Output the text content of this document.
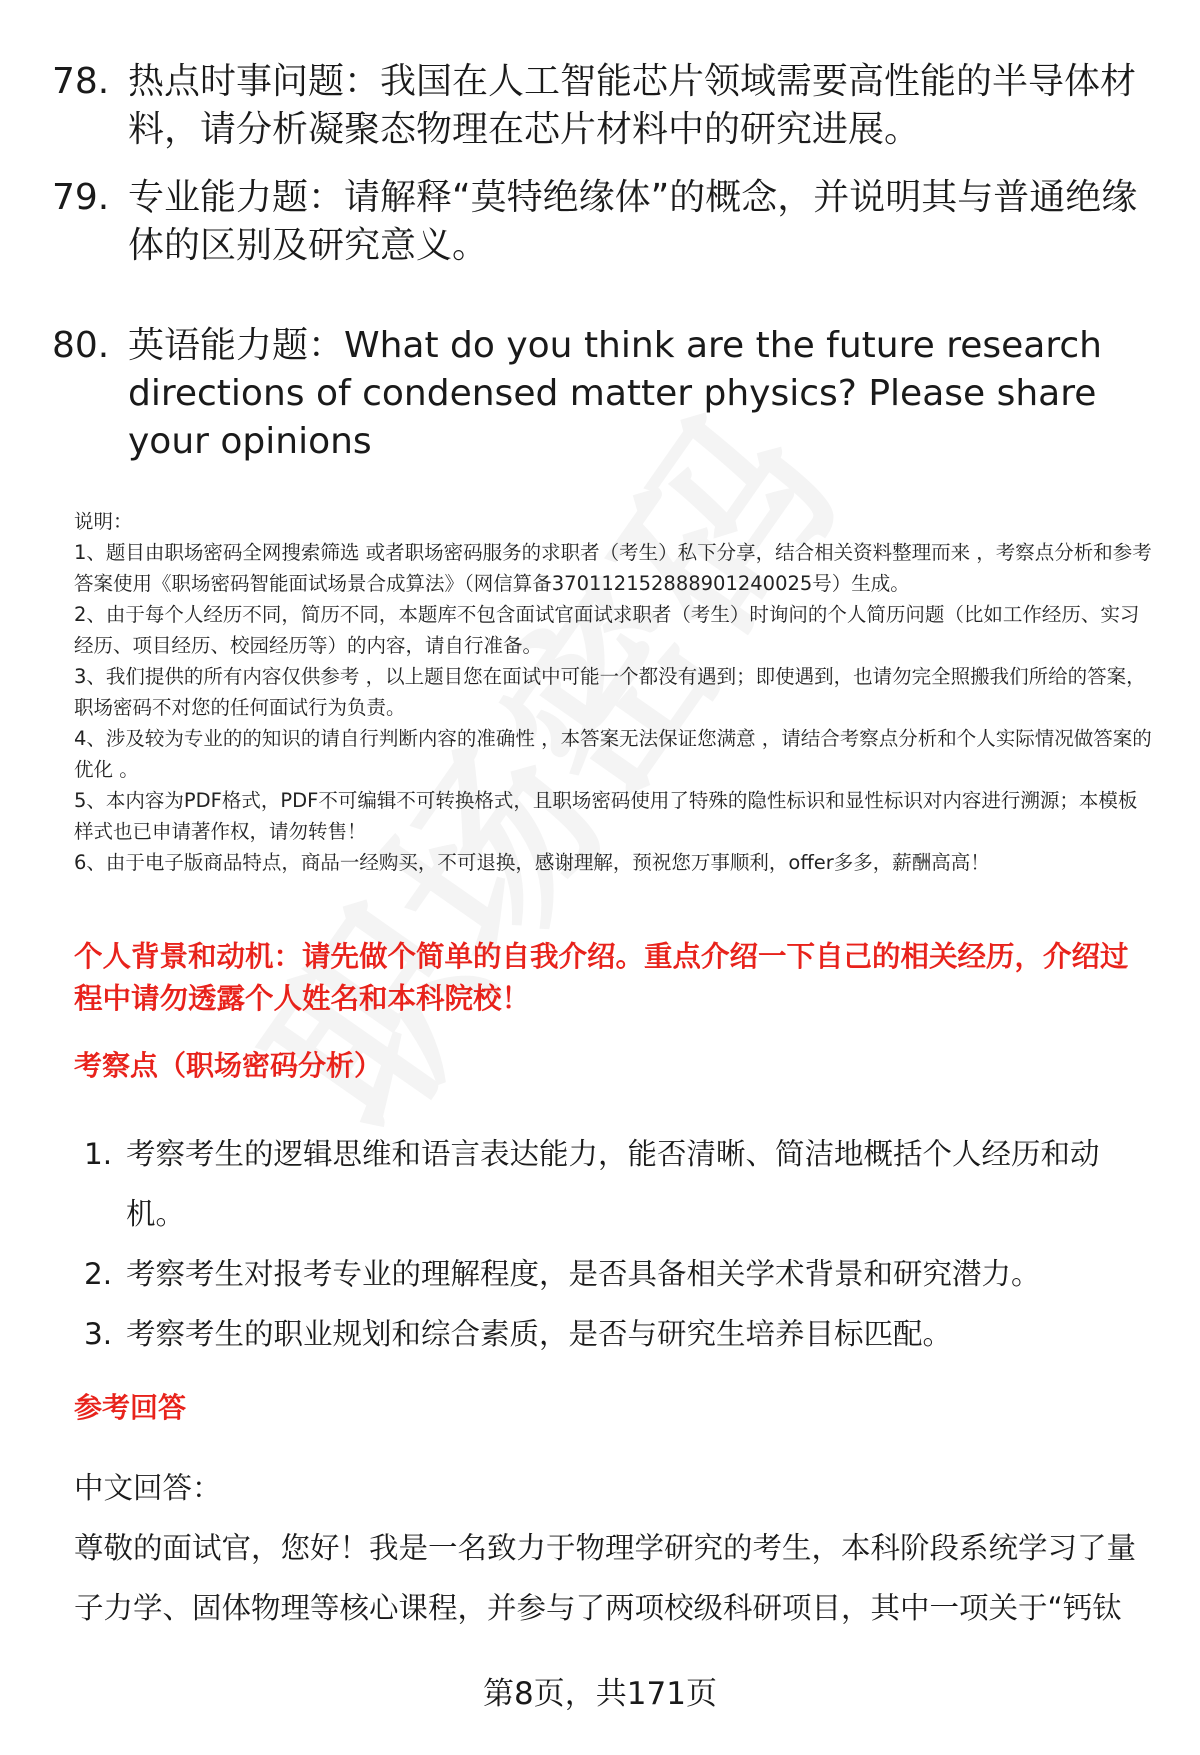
78. 热点时事问题：我国在人工智能芯片领域需要高性能的半导体材料，请分析凝聚态物理在芯片材料中的研究进展。
79. 专业能力题：请解释“莫特绝缘体”的概念，并说明其与普通绝缘体的区别及研究意义。
80. 英语能力题：What do you think are the future research directions of condensed matter physics? Please share your opinions

说明：

1、题目由职场密码全网搜索筛选 或者职场密码服务的求职者（考生）私下分享，结合相关资料整理而来 ，考察点分析和参考答案使用《职场密码智能面试场景合成算法》（网信算备370112152888901240025号）生成。

2、由于每个人经历不同，简历不同，本题库不包含面试官面试求职者（考生）时询问的个人简历问题（比如工作经历、实习经历、项目经历、校园经历等）的内容，请自行准备。

3、我们提供的所有内容仅供参考 ，以上题目您在面试中可能一个都没有遇到；即使遇到，也请勿完全照搬我们所给的答案，职场密码不对您的任何面试行为负责。

4、涉及较为专业的的知识的请自行判断内容的准确性 ，本答案无法保证您满意 ，请结合考察点分析和个人实际情况做答案的优化 。

5、本内容为PDF格式，PDF不可编辑不可转换格式，且职场密码使用了特殊的隐性标识和显性标识对内容进行溯源；本模板样式也已申请著作权，请勿转售！

6、由于电子版商品特点，商品一经购买，不可退换，感谢理解，预祝您万事顺利，offer多多，薪酬高高！

个人背景和动机：请先做个简单的自我介绍。重点介绍一下自己的相关经历，介绍过程中请勿透露个人姓名和本科院校！
考察点（职场密码分析）
1. 考察考生的逻辑思维和语言表达能力，能否清晰、简洁地概括个人经历和动机。
2. 考察考生对报考专业的理解程度，是否具备相关学术背景和研究潜力。
3. 考察考生的职业规划和综合素质，是否与研究生培养目标匹配。
参考回答
中文回答：
尊敬的面试官，您好！我是一名致力于物理学研究的考生，本科阶段系统学习了量子力学、固体物理等核心课程，并参与了两项校级科研项目，其中一项关于“钙钛
第8页，共171页
